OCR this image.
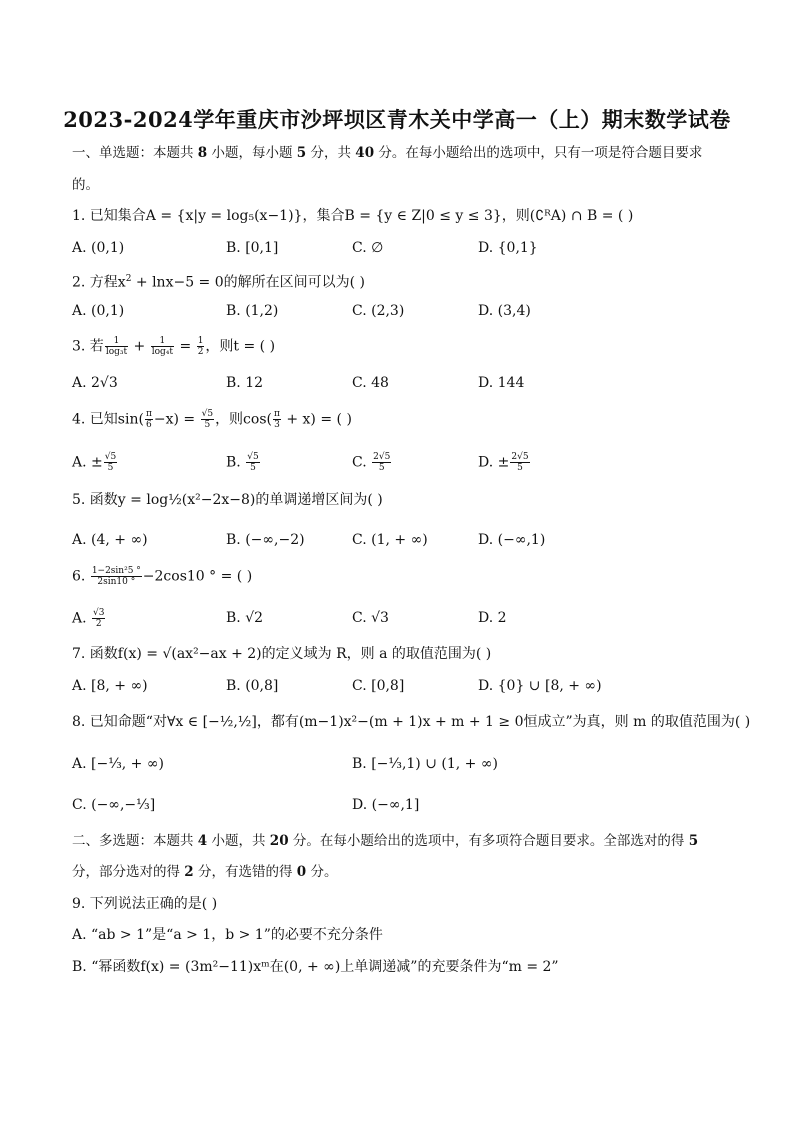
2023-2024学年重庆市沙坪坝区青木关中学高一（上）期末数学试卷
一、单选题：本题共 8 小题，每小题 5 分，共 40 分。在每小题给出的选项中，只有一项是符合题目要求
的。
1. 已知集合A = {x|y = log₅(x−1)}，集合B = {y ∈ Z|0 ≤ y ≤ 3}，则(∁ᴿA) ∩ B = ( )
A. (0,1)	B. [0,1]	C. ∅	D. {0,1}
2. 方程$x^2 + \ln x-5 = 0$的解所在区间可以为( )
A. (0,1)	B. (1,2)	C. (2,3)	D. (3,4)
3. 若 $\frac{1}{\text{log₃t}} + \frac{1}{\text{log₄t}} = \frac{1}{2}$ ，则t = ( )
A. 2√3	B. 12	C. 48	D. 144
4. 已知$\sin( \frac{\pi}{6} -x) = \frac{√5}{5}$ ，则$\cos( \frac{\pi}{3} + x)$ = ( )
A. ± $\frac{√5}{5}$	B. $\frac{√5}{5}$	C. $\frac{2√5}{5}$	D. ± $\frac{2√5}{5}$
5. 函数y = log½(x²−2x−8)的单调递增区间为( )
A. (4, + ∞)	B. (−∞,−2)	C. (1, + ∞)	D. (−∞,1)
6. $\frac{\text{1−2sin²5 °}}{2\sin 10 ^\circ} -2\cos 10$ ° = ( )
A. $\frac{√3}{2}$	B. √2	C. √3	D. 2
7. 函数f(x) = √(ax²−ax + 2)的定义域为 R，则 a 的取值范围为( )
A. [8, + ∞)	B. (0,8]	C. [0,8]	D. {0} ∪ [8, + ∞)
8. 已知命题“对∀x ∈ [−½,½]，都有(m−1)x²−(m + 1)x + m + 1 ≥ 0恒成立”为真，则 m 的取值范围为( )
A. [−⅓, + ∞)	B. [−⅓,1) ∪ (1, + ∞)
C. (−∞,−⅓]	D. (−∞,1]
二、多选题：本题共 4 小题，共 20 分。在每小题给出的选项中，有多项符合题目要求。全部选对的得 5
分，部分选对的得 2 分，有选错的得 0 分。
9. 下列说法正确的是( )
A. “ab > 1”是“a > 1，b > 1”的必要不充分条件
B. “幂函数f(x) = (3m²−11)xᵐ在(0, + ∞)上单调递减”的充要条件为“m = 2”
